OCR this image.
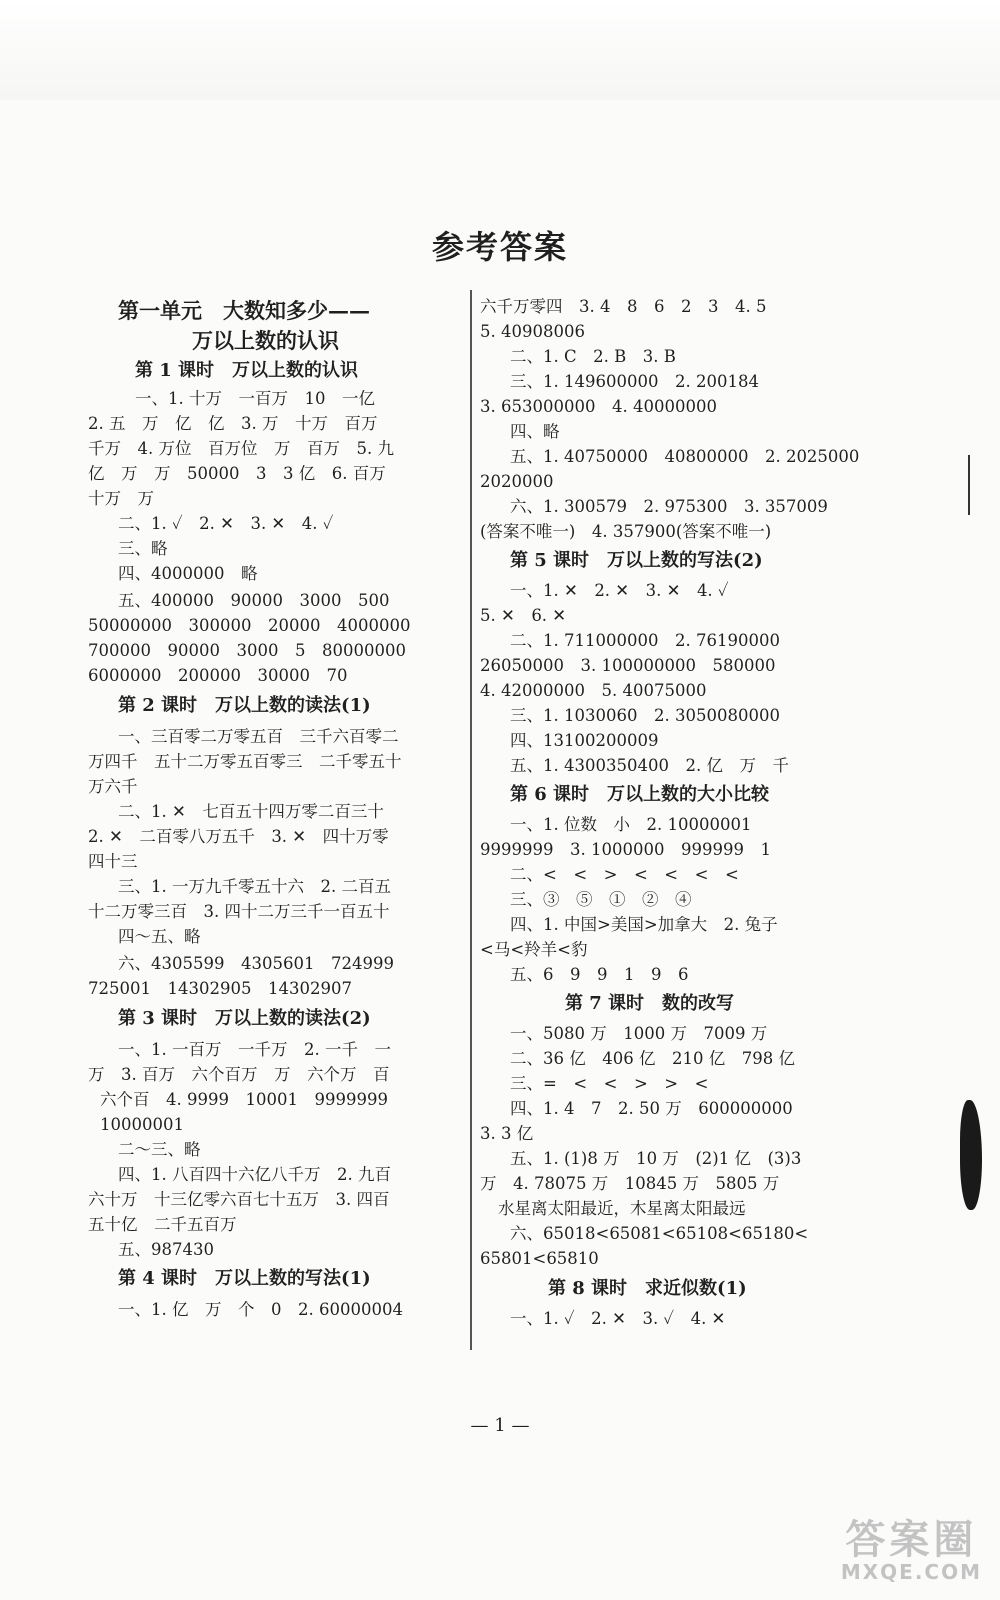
参考答案
第一单元　大数知多少——
万以上数的认识
第 1 课时　万以上数的认识
一、1. 十万　一百万　10　一亿
2. 五　万　亿　亿　3. 万　十万　百万
千万　4. 万位　百万位　万　百万　5. 九
亿　万　万　50000　3　3 亿　6. 百万
十万　万
二、1. ✓　2. ✕　3. ✕　4. ✓
三、略
四、4000000　略
五、400000　90000　3000　500
50000000　300000　20000　4000000
700000　90000　3000　5　80000000
6000000　200000　30000　70
第 2 课时　万以上数的读法(1)
一、三百零二万零五百　三千六百零二
万四千　五十二万零五百零三　二千零五十
万六千
二、1. ✕　七百五十四万零二百三十
2. ✕　二百零八万五千　3. ✕　四十万零
四十三
三、1. 一万九千零五十六　2. 二百五
十二万零三百　3. 四十二万三千一百五十
四～五、略
六、4305599　4305601　724999
725001　14302905　14302907
第 3 课时　万以上数的读法(2)
一、1. 一百万　一千万　2. 一千　一
万　3. 百万　六个百万　万　六个万　百
六个百　4. 9999　10001　9999999
10000001
二～三、略
四、1. 八百四十六亿八千万　2. 九百
六十万　十三亿零六百七十五万　3. 四百
五十亿　二千五百万
五、987430
第 4 课时　万以上数的写法(1)
一、1. 亿　万　个　0　2. 60000004
六千万零四　3. 4　8　6　2　3　4. 5
5. 40908006
二、1. C　2. B　3. B
三、1. 149600000　2. 200184
3. 653000000　4. 40000000
四、略
五、1. 40750000　40800000　2. 2025000
2020000
六、1. 300579　2. 975300　3. 357009
(答案不唯一)　4. 357900(答案不唯一)
第 5 课时　万以上数的写法(2)
一、1. ✕　2. ✕　3. ✕　4. ✓
5. ✕　6. ✕
二、1. 711000000　2. 76190000
26050000　3. 100000000　580000
4. 42000000　5. 40075000
三、1. 1030060　2. 3050080000
四、13100200009
五、1. 4300350400　2. 亿　万　千
第 6 课时　万以上数的大小比较
一、1. 位数　小　2. 10000001
9999999　3. 1000000　999999　1
二、<　<　>　<　<　<　<
三、③　⑤　①　②　④
四、1. 中国>美国>加拿大　2. 兔子
<马<羚羊<豹
五、6　9　9　1　9　6
第 7 课时　数的改写
一、5080 万　1000 万　7009 万
二、36 亿　406 亿　210 亿　798 亿
三、=　<　<　>　>　<
四、1. 4　7　2. 50 万　600000000
3. 3 亿
五、1. (1)8 万　10 万　(2)1 亿　(3)3
万　4. 78075 万　10845 万　5805 万
水星离太阳最近，木星离太阳最远
六、65018<65081<65108<65180<
65801<65810
第 8 课时　求近似数(1)
一、1. ✓　2. ✕　3. ✓　4. ✕
— 1 —
答案圈
MXQE.COM
